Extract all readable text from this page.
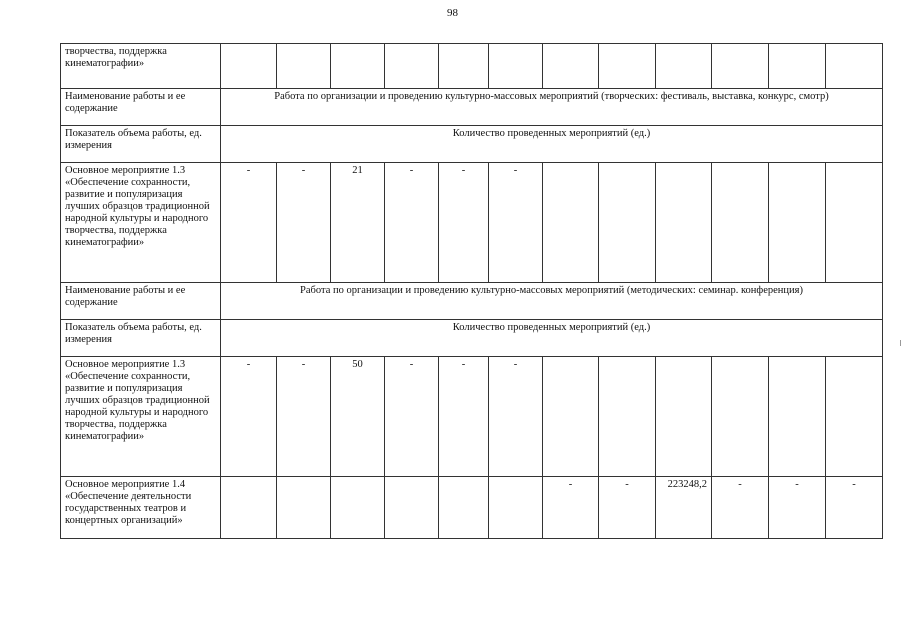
98
творчества, поддержка кинематографии»												
Наименование работы и ее содержание	Работа по организации и проведению культурно-массовых мероприятий (творческих: фестиваль, выставка, конкурс, смотр)											
Показатель объема работы, ед. измерения	Количество проведенных мероприятий (ед.)											
Основное мероприятие 1.3 «Обеспечение сохранности, развитие и популяризация лучших образцов традиционной народной культуры и народного творчества, поддержка кинематографии»	-	-	21	-	-	-						
Наименование работы и ее содержание	Работа по организации и проведению культурно-массовых мероприятий (методических: семинар. конференция)											
Показатель объема работы, ед. измерения	Количество проведенных мероприятий (ед.)											
Основное мероприятие 1.3 «Обеспечение сохранности, развитие и популяризация лучших образцов традиционной народной культуры и народного творчества, поддержка кинематографии»	-	-	50	-	-	-						
Основное мероприятие 1.4 «Обеспечение деятельности государственных театров и концертных организаций»							-	-	223248,2	-	-	-
